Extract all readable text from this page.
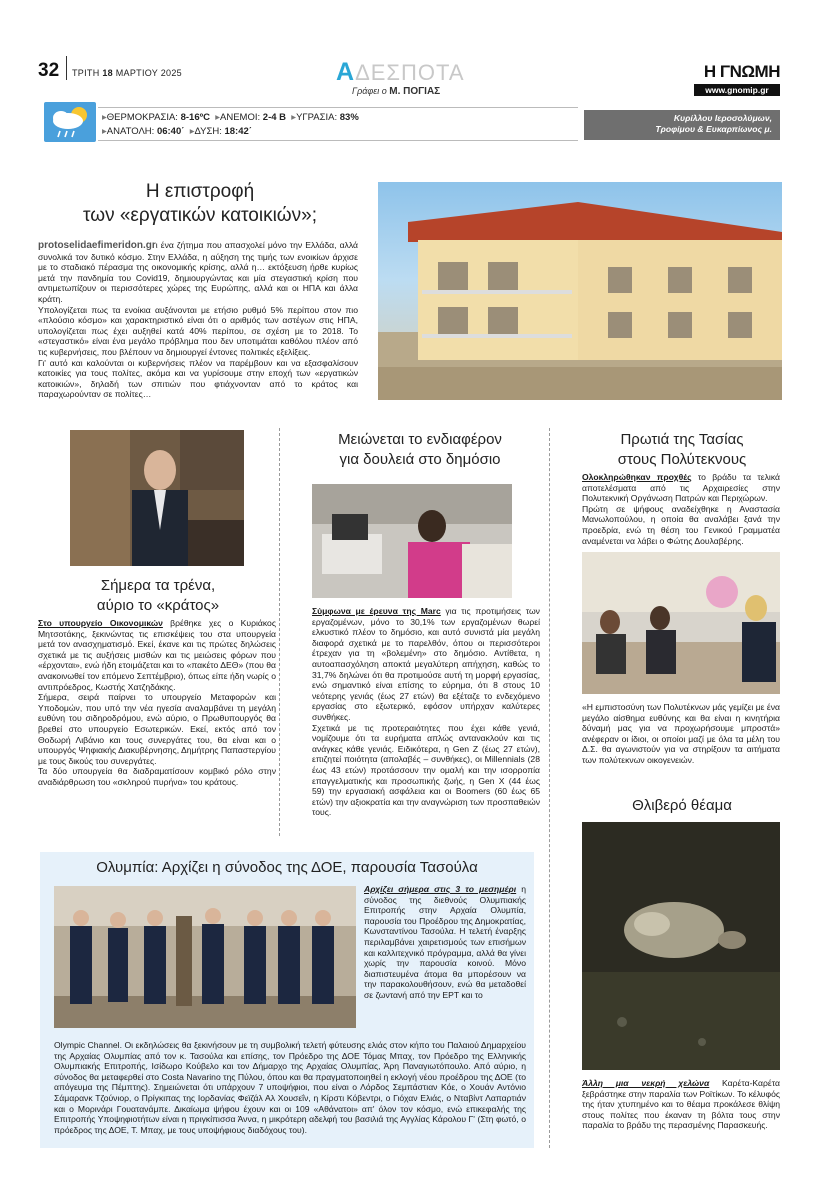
32 ΤΡΙΤΗ 18 ΜΑΡΤΙΟΥ 2025	ΑΔΕΣΠΟΤΑ
Γράφει ο Μ. ΠΟΓΙΑΣ
Η ΓΝΩΜΗ
www.gnomip.gr
▸ΘΕΡΜΟΚΡΑΣΙΑ: 8-16ºC ▸ΑΝΕΜΟΙ: 2-4 Β ▸ΥΓΡΑΣΙΑ: 83%
▸ΑΝΑΤΟΛΗ: 06:40΄ ▸ΔΥΣΗ: 18:42΄
Κυρίλλου Ιεροσολύμων,
Τροφίμου & Ευκαρπίωνος μ.
Η επιστροφή
των «εργατικών κατοικιών»;

protoselidaefimeridon.grι ένα ζήτημα που απασχολεί μόνο την Ελλάδα, αλλά συνολικά τον δυτικό κόσμο. Στην Ελλάδα, η αύξηση της τιμής των ενοικίων άρχισε με το σταδιακό πέρασμα της οικονομικής κρίσης, αλλά η… εκτόξευση ήρθε κυρίως μετά την πανδημία του Covid19, δημιουργώντας και μία στεγαστική κρίση που αντιμετωπίζουν οι περισσότερες χώρες της Ευρώπης, αλλά και οι ΗΠΑ και άλλα κράτη.

Υπολογίζεται πως τα ενοίκια αυξάνονται με ετήσιο ρυθμό 5% περίπου στον πιο «πλούσιο κόσμο» και χαρακτηριστικό είναι ότι ο αριθμός των αστέγων στις ΗΠΑ, υπολογίζεται πως έχει αυξηθεί κατά 40% περίπου, σε σχέση με το 2018. Το «στεγαστικό» είναι ένα μεγάλο πρόβλημα που δεν υποτιμάται καθόλου πλέον από τις κυβερνήσεις, που βλέπουν να δημιουργεί έντονες πολιτικές εξελίξεις.

Γι' αυτό και καλούνται οι κυβερνήσεις πλέον να παρέμβουν και να εξασφαλίσουν κατοικίες για τους πολίτες, ακόμα και να γυρίσουμε στην εποχή των «εργατικών κατοικιών», δηλαδή των σπιτιών που φτιάχνονταν από το κράτος και παραχωρούνταν σε πολίτες…

Σήμερα τα τρένα,
αύριο το «κράτος»

Στο υπουργείο Οικονομικών βρέθηκε χες ο Κυριάκος Μητσοτάκης, ξεκινώντας τις επισκέψεις του στα υπουργεία μετά τον ανασχηματισμό. Εκεί, έκανε και τις πρώτες δηλώσεις σχετικά με τις αυξήσεις μισθών και τις μειώσεις φόρων που «έρχονται», ενώ ήδη ετοιμάζεται και το «πακέτο ΔΕΘ» (που θα ανακοινωθεί τον επόμενο Σεπτέμβριο), όπως είπε ήδη νωρίς ο αντιπρόεδρος, Κωστής Χατζηδάκης.

Σήμερα, σειρά παίρνει το υπουργείο Μεταφορών και Υποδομών, που υπό την νέα ηγεσία αναλαμβάνει τη μεγάλη ευθύνη του σιδηροδρόμου, ενώ αύριο, ο Πρωθυπουργός θα βρεθεί στο υπουργείο Εσωτερικών. Εκεί, εκτός από τον Θοδωρή Λιβάνιο και τους συνεργάτες του, θα είναι και ο υπουργός Ψηφιακής Διακυβέρνησης, Δημήτρης Παπαστεργίου με τους δικούς του συνεργάτες.

Τα δύο υπουργεία θα διαδραματίσουν κομβικό ρόλο στην αναδιάρθρωση του «σκληρού πυρήνα» του κράτους.

Μειώνεται το ενδιαφέρον
για δουλειά στο δημόσιο

Σύμφωνα με έρευνα της Marc για τις προτιμήσεις των εργαζομένων, μόνο το 30,1% των εργαζομένων θωρεί ελκυστικό πλέον το δημόσιο, και αυτό συνιστά μία μεγάλη διαφορά σχετικά με το παρελθόν, όπου οι περισσότεροι έτρεχαν για τη «βολεμένη» στο δημόσιο. Αντίθετα, η αυτοαπασχόληση αποκτά μεγαλύτερη απήχηση, καθώς το 31,7% δηλώνει ότι θα προτιμούσε αυτή τη μορφή εργασίας, ενώ σημαντικό είναι επίσης το εύρημα, ότι 8 στους 10 νεότερης γενιάς (έως 27 ετών) θα εξέταζε το ενδεχόμενο εργασίας στο εξωτερικό, εφόσον υπήρχαν καλύτερες συνθήκες.

Σχετικά με τις προτεραιότητες που έχει κάθε γενιά, νομίζουμε ότι τα ευρήματα απλώς αντανακλούν και τις ανάγκες κάθε γενιάς. Ειδικότερα, η Gen Z (έως 27 ετών), επιζητεί ποιότητα (απολαβές – συνθήκες), οι Millennials (28 έως 43 ετών) προτάσσουν την ομαλή και την ισορροπία επαγγελματικής και προσωπικής ζωής, η Gen X (44 έως 59) την εργασιακή ασφάλεια και οι Boomers (60 έως 65 ετών) την αξιοκρατία και την αναγνώριση των προσπαθειών τους.

Πρωτιά της Τασίας
στους Πολύτεκνους

Ολοκληρώθηκαν προχθές το βράδυ τα τελικά αποτελέσματα από τις Αρχαιρεσίες στην Πολυτεκνική Οργάνωση Πατρών και Περιχώρων.

Πρώτη σε ψήφους αναδείχθηκε η Αναστασία Μανωλοπούλου, η οποία θα αναλάβει ξανά την προεδρία, ενώ τη θέση του Γενικού Γραμματέα αναμένεται να λάβει ο Φώτης Δουλαβέρης.

«Η εμπιστοσύνη των Πολυτέκνων μάς γεμίζει με ένα μεγάλο αίσθημα ευθύνης και θα είναι η κινητήρια δύναμή μας για να προχωρήσουμε μπροστά» ανέφεραν οι ίδιοι, οι οποίοι μαζί με όλα τα μέλη του Δ.Σ. θα αγωνιστούν για να στηρίξουν τα αιτήματα των πολύτεκνων οικογενειών.

Θλιβερό θέαμα

Άλλη μια νεκρή χελώνα Καρέτα-Καρέτα ξεβράστηκε στην παραλία των Ροϊτίκων. Το κέλυφός της ήταν χτυπημένο και το θέαμα προκάλεσε θλίψη στους πολίτες που έκαναν τη βόλτα τους στην παραλία το βράδυ της περασμένης Παρασκευής.

Ολυμπία: Αρχίζει η σύνοδος της ΔΟΕ, παρουσία Τασούλα

Αρχίζει σήμερα στις 3 το μεσημέρι η σύνοδος της διεθνούς Ολυμπιακής Επιτροπής στην Αρχαία Ολυμπία, παρουσία του Προέδρου της Δημοκρατίας, Κωνσταντίνου Τασούλα. Η τελετή έναρξης περιλαμβάνει χαιρετισμούς των επισήμων και καλλιτεχνικό πρόγραμμα, αλλά θα γίνει χωρίς την παρουσία κοινού. Μόνο διαπιστευμένα άτομα θα μπορέσουν να την παρακολουθήσουν, ενώ θα μεταδοθεί σε ζωντανή από την ΕΡΤ και το

Olympic Channel. Οι εκδηλώσεις θα ξεκινήσουν με τη συμβολική τελετή φύτευσης ελιάς στον κήπο του Παλαιού Δημαρχείου της Αρχαίας Ολυμπίας από τον κ. Τασούλα και επίσης, τον Πρόεδρο της ΔΟΕ Τόμας Μπαχ, τον Πρόεδρο της Ελληνικής Ολυμπιακής Επιτροπής, Ισίδωρο Κούβελο και τον Δήμαρχο της Αρχαίας Ολυμπίας, Άρη Παναγιωτόπουλο. Από αύριο, η σύνοδος θα μεταφερθεί στο Costa Navarino της Πύλου, όπου και θα πραγματοποιηθεί η εκλογή νέου προέδρου της ΔΟΕ (το απόγευμα της Πέμπτης). Σημειώνεται ότι υπάρχουν 7 υποψήφιοι, που είναι ο Λόρδος Σεμπάστιαν Κόε, ο Χουάν Αντόνιο Σάμαρανκ Τζούνιορ, ο Πρίγκιπας της Ιορδανίας Φεϊζάλ Αλ Χουσεΐν, η Κίρστι Κόβεντρι, ο Γιόχαν Ελιάς, ο Νταβίντ Λαπαρτιάν και ο Μορινάρι Γουατανάμπε. Δικαίωμα ψήφου έχουν και οι 109 «Αθάνατοι» απ' όλον τον κόσμο, ενώ επικεφαλής της Επιτροπής Υποψηφιοτήτων είναι η πριγκίπισσα Άννα, η μικρότερη αδελφή του βασιλιά της Αγγλίας Κάρολου Γ' (Στη φωτό, ο πρόεδρος της ΔΟΕ, Τ. Μπαχ, με τους υποψήφιους διαδόχους του).
